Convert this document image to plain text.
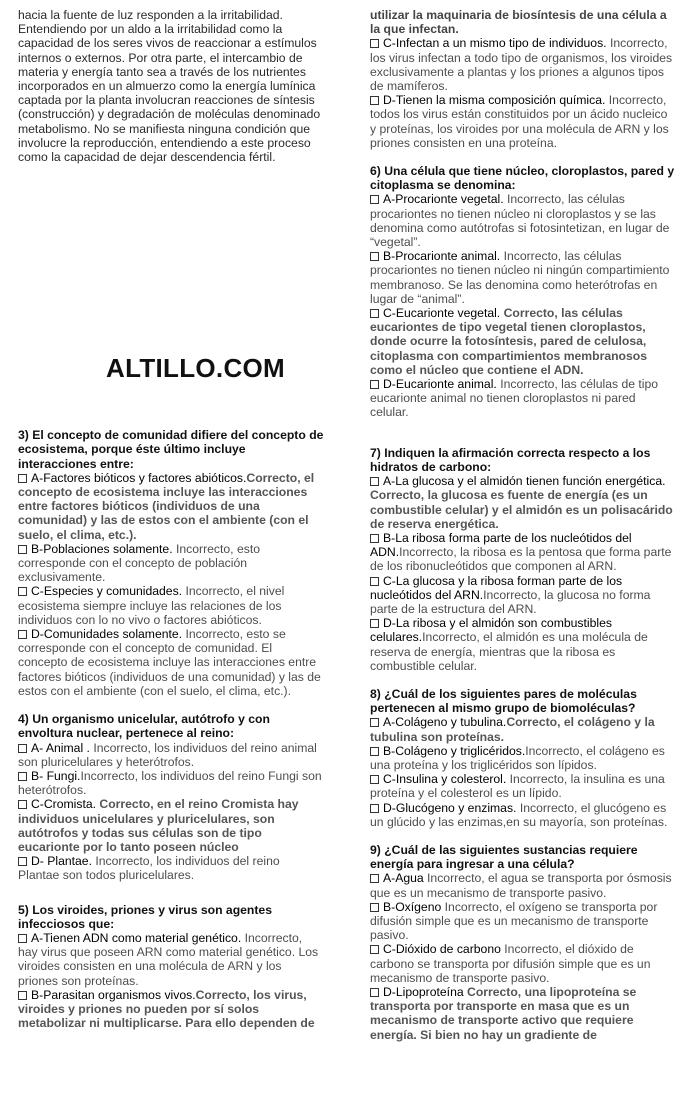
ALTILLO.COM

hacia la fuente de luz responden a la irritabilidad. Entendiendo por un aldo a la irritabilidad como la capacidad de los seres vivos de reaccionar a estímulos internos o externos. Por otra parte, el intercambio de materia y energía tanto sea a través de los nutrientes incorporados en un almuerzo como la energía lumínica captada por la planta involucran reacciones de síntesis (construcción) y degradación de moléculas denominado metabolismo. No se manifiesta ninguna condición que involucre la reproducción, entendiendo a este proceso como la capacidad de dejar descendencia fértil.

3) El concepto de comunidad difiere del concepto de ecosistema, porque éste último incluye interacciones entre:

A-Factores bióticos y factores abióticos.Correcto, el concepto de ecosistema incluye las interacciones entre factores bióticos (individuos de una comunidad) y las de estos con el ambiente (con el suelo, el clima, etc.).

B-Poblaciones solamente. Incorrecto, esto corresponde con el concepto de población exclusivamente.

C-Especies y comunidades. Incorrecto, el nivel ecosistema siempre incluye las relaciones de los individuos con lo no vivo o factores abióticos.

D-Comunidades solamente. Incorrecto, esto se corresponde con el concepto de comunidad. El concepto de ecosistema incluye las interacciones entre factores bióticos (individuos de una comunidad) y las de estos con el ambiente (con el suelo, el clima, etc.).

4) Un organismo unicelular, autótrofo y con envoltura nuclear, pertenece al reino:

A- Animal . Incorrecto, los individuos del reino animal son pluricelulares y heterótrofos.

B- Fungi.Incorrecto, los individuos del reino Fungi son heterótrofos.

C-Cromista. Correcto, en el reino Cromista hay individuos unicelulares y pluricelulares, son autótrofos y todas sus células son de tipo eucarionte por lo tanto poseen núcleo

D- Plantae. Incorrecto, los individuos del reino Plantae son todos pluricelulares.

5) Los viroides, priones y virus son agentes infecciosos que:

A-Tienen ADN como material genético. Incorrecto, hay virus que poseen ARN como material genético. Los viroides consisten en una molécula de ARN y los priones son proteínas.

B-Parasitan organismos vivos.Correcto, los virus, viroides y priones no pueden por sí solos metabolizar ni multiplicarse. Para ello dependen de

utilizar la maquinaria de biosíntesis de una célula a la que infectan.

C-Infectan a un mismo tipo de individuos. Incorrecto, los virus infectan a todo tipo de organismos, los viroides exclusivamente a plantas y los priones a algunos tipos de mamíferos.

D-Tienen la misma composición química. Incorrecto, todos los virus están constituidos por un ácido nucleico y proteínas, los viroides por una molécula de ARN y los priones consisten en una proteína.

6) Una célula que tiene núcleo, cloroplastos, pared y citoplasma se denomina:

A-Procarionte vegetal. Incorrecto, las células procariontes no tienen núcleo ni cloroplastos y se las denomina como autótrofas si fotosintetizan, en lugar de “vegetal”.

B-Procarionte animal. Incorrecto, las células procariontes no tienen núcleo ni ningún compartimiento membranoso. Se las denomina como heterótrofas en lugar de “animal”.

C-Eucarionte vegetal. Correcto, las células eucariontes de tipo vegetal tienen cloroplastos, donde ocurre la fotosíntesis, pared de celulosa, citoplasma con compartimientos membranosos como el núcleo que contiene el ADN.

D-Eucarionte animal. Incorrecto, las células de tipo eucarionte animal no tienen cloroplastos ni pared celular.

7) Indiquen la afirmación correcta respecto a los hidratos de carbono:

A-La glucosa y el almidón tienen función energética. Correcto, la glucosa es fuente de energía (es un combustible celular) y el almidón es un polisacárido de reserva energética.

B-La ribosa forma parte de los nucleótidos del ADN.Incorrecto, la ribosa es la pentosa que forma parte de los ribonucleótidos que componen al ARN.

C-La glucosa y la ribosa forman parte de los nucleótidos del ARN.Incorrecto, la glucosa no forma parte de la estructura del ARN.

D-La ribosa y el almidón son combustibles celulares.Incorrecto, el almidón es una molécula de reserva de energía, mientras que la ribosa es combustible celular.

8) ¿Cuál de los siguientes pares de moléculas pertenecen al mismo grupo de biomoléculas?

A-Colágeno y tubulina.Correcto, el colágeno y la tubulina son proteínas.

B-Colágeno y triglicéridos.Incorrecto, el colágeno es una proteína y los triglicéridos son lípidos.

C-Insulina y colesterol. Incorrecto, la insulina es una proteína y el colesterol es un lípido.

D-Glucógeno y enzimas. Incorrecto, el glucógeno es un glúcido y las enzimas,en su mayoría, son proteínas.

9) ¿Cuál de las siguientes sustancias requiere energía para ingresar a una célula?

A-Agua Incorrecto, el agua se transporta por ósmosis que es un mecanismo de transporte pasivo.

B-Oxígeno Incorrecto, el oxígeno se transporta por difusión simple que es un mecanismo de transporte pasivo.

C-Dióxido de carbono Incorrecto, el dióxido de carbono se transporta por difusión simple que es un mecanismo de transporte pasivo.

D-Lipoproteína Correcto, una lipoproteína se transporta por transporte en masa que es un mecanismo de transporte activo que requiere energía. Si bien no hay un gradiente de
